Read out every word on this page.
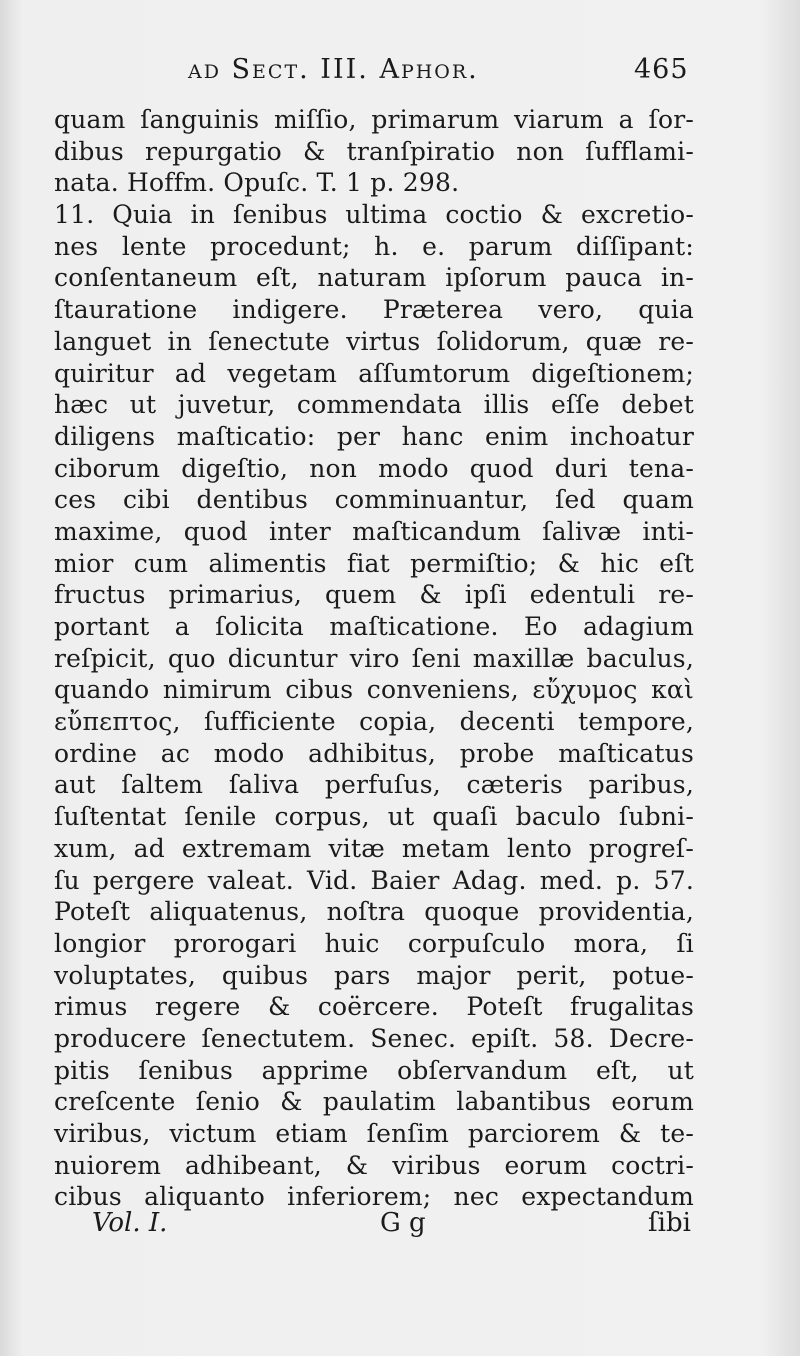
ad Sect. III. Aphor.	465
quam ſanguinis miſſio, primarum viarum a ſor-
dibus repurgatio & tranſpiratio non ſufflami-
nata. Hoffm. Opuſc. T. 1 p. 298.
11. Quia in ſenibus ultima coctio & excretio-
nes lente procedunt; h. e. parum diſſipant:
conſentaneum eſt, naturam ipſorum pauca in-
ſtauratione indigere. Præterea vero, quia
languet in ſenectute virtus ſolidorum, quæ re-
quiritur ad vegetam aſſumtorum digeſtionem;
hæc ut juvetur, commendata illis eſſe debet
diligens maſticatio: per hanc enim inchoatur
ciborum digeſtio, non modo quod duri tena-
ces cibi dentibus comminuantur, ſed quam
maxime, quod inter maſticandum ſalivæ inti-
mior cum alimentis fiat permiſtio; & hic eſt
fructus primarius, quem & ipſi edentuli re-
portant a ſolicita maſticatione. Eo adagium
reſpicit, quo dicuntur viro ſeni maxillæ baculus,
quando nimirum cibus conveniens, εὔχυμος καὶ
εὔπεπτος, ſufficiente copia, decenti tempore,
ordine ac modo adhibitus, probe maſticatus
aut ſaltem ſaliva perfuſus, cæteris paribus,
ſuſtentat ſenile corpus, ut quaſi baculo ſubni-
xum, ad extremam vitæ metam lento progreſ-
ſu pergere valeat. Vid. Baier Adag. med. p. 57.
Poteſt aliquatenus, noſtra quoque providentia,
longior prorogari huic corpuſculo mora, ſi
voluptates, quibus pars major perit, potue-
rimus regere & coërcere. Poteſt frugalitas
producere ſenectutem. Senec. epiſt. 58. Decre-
pitis ſenibus apprime obſervandum eſt, ut
creſcente ſenio & paulatim labantibus eorum
viribus, victum etiam ſenſim parciorem & te-
nuiorem adhibeant, & viribus eorum coctri-
cibus aliquanto inferiorem; nec expectandum
Vol. I.	G g	ſibi
